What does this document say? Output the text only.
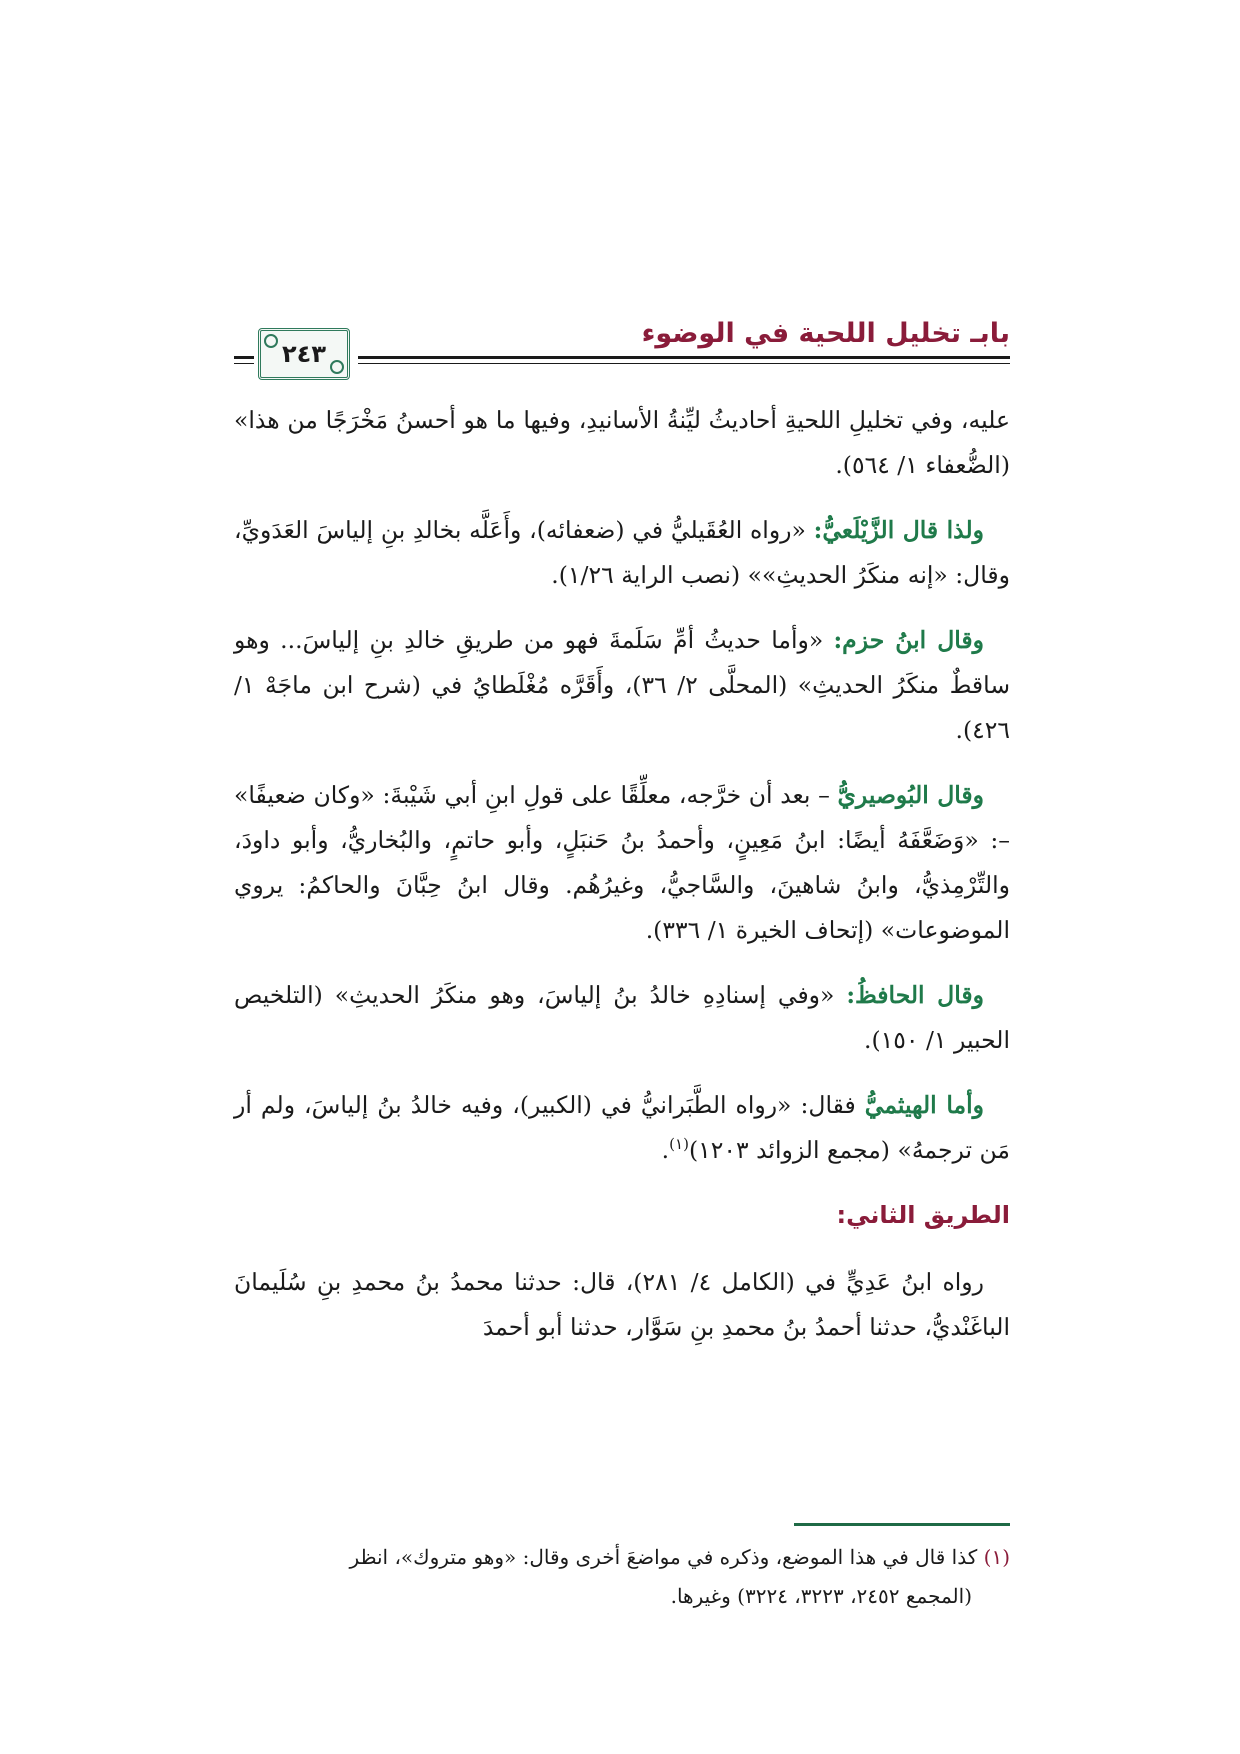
بابـ تخليل اللحية في الوضوء
٢٤٣

عليه، وفي تخليلِ اللحيةِ أحاديثُ ليِّنةُ الأسانيدِ، وفيها ما هو أحسنُ مَخْرَجًا من هذا» (الضُّعفاء ١/ ٥٦٤).

ولذا قال الزَّيْلَعيُّ: «رواه العُقَيليُّ في (ضعفائه)، وأَعَلَّه بخالدِ بنِ إلياسَ العَدَويِّ، وقال: «إنه منكَرُ الحديثِ»» (نصب الراية ١/٢٦).

وقال ابنُ حزم: «وأما حديثُ أمِّ سَلَمةَ فهو من طريقِ خالدِ بنِ إلياسَ... وهو ساقطٌ منكَرُ الحديثِ» (المحلَّى ٢/ ٣٦)، وأَقَرَّه مُغْلَطايُ في (شرح ابن ماجَهْ ١/ ٤٢٦).

وقال البُوصيريُّ – بعد أن خرَّجه، معلِّقًا على قولِ ابنِ أبي شَيْبةَ: «وكان ضعيفًا» –: «وَضَعَّفَهُ أيضًا: ابنُ مَعِينٍ، وأحمدُ بنُ حَنبَلٍ، وأبو حاتمٍ، والبُخاريُّ، وأبو داودَ، والتِّرْمِذيُّ، وابنُ شاهينَ، والسَّاجيُّ، وغيرُهُم. وقال ابنُ حِبَّانَ والحاكمُ: يروي الموضوعات» (إتحاف الخيرة ١/ ٣٣٦).

وقال الحافظُ: «وفي إسنادِهِ خالدُ بنُ إلياسَ، وهو منكَرُ الحديثِ» (التلخيص الحبير ١/ ١٥٠).

وأما الهيثميُّ فقال: «رواه الطَّبَرانيُّ في (الكبير)، وفيه خالدُ بنُ إلياسَ، ولم أر مَن ترجمهُ» (مجمع الزوائد ١٢٠٣)$^{(١)}$.

الطريق الثاني:

رواه ابنُ عَدِيٍّ في (الكامل ٤/ ٢٨١)، قال: حدثنا محمدُ بنُ محمدِ بنِ سُلَيمانَ الباغَنْديُّ، حدثنا أحمدُ بنُ محمدِ بنِ سَوَّار، حدثنا أبو أحمدَ

(١) كذا قال في هذا الموضع، وذكره في مواضعَ أخرى وقال: «وهو متروك»، انظر
(المجمع ٢٤٥٢، ٣٢٢٣، ٣٢٢٤) وغيرها.
